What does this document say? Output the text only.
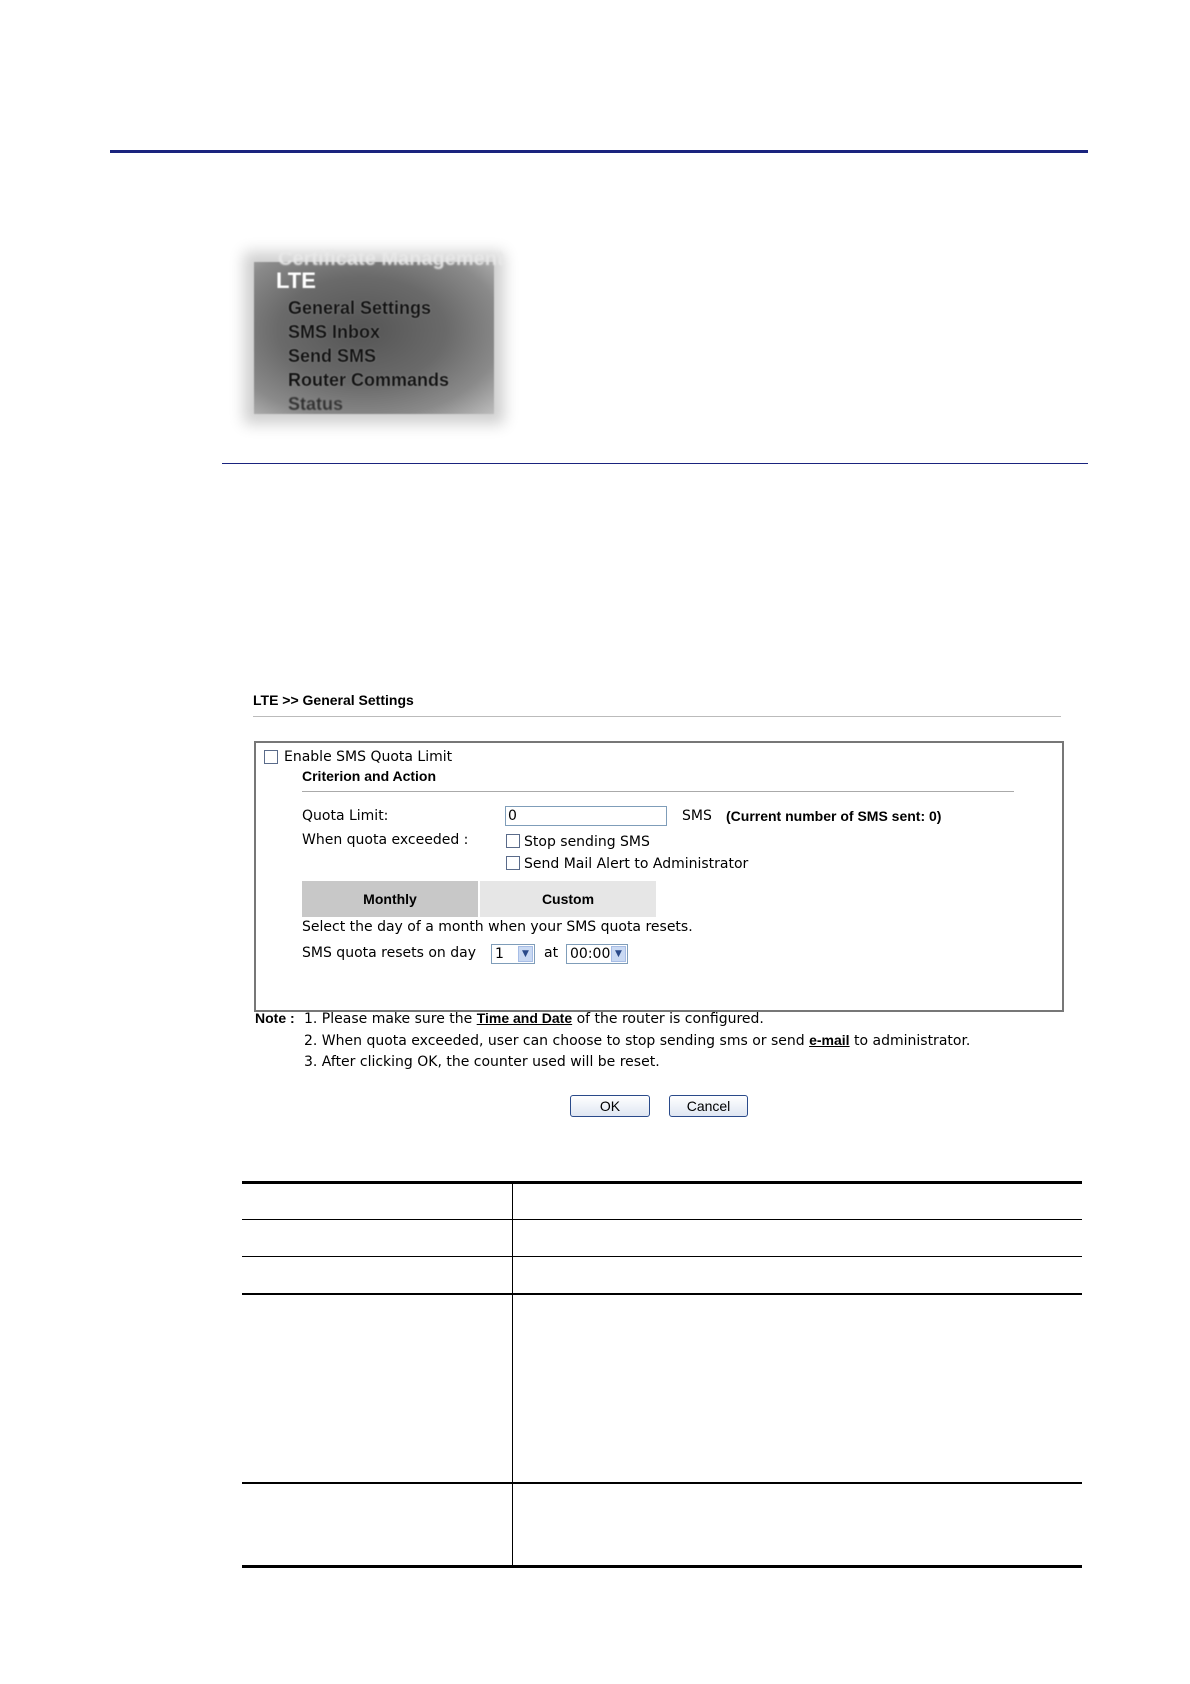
Certificate Management
LTE
General Settings
SMS Inbox
Send SMS
Router Commands
Status
LTE >> General Settings
Enable SMS Quota Limit
Criterion and Action
Quota Limit:
0	SMS (Current number of SMS sent: 0)
When quota exceeded :	Stop sending SMS
Send Mail Alert to Administrator
Monthly	Custom
Select the day of a month when your SMS quota resets.
SMS quota resets on day 1	▼ at 00:00 ▼
Note : 1. Please make sure the Time and Date of the router is configured.
2. When quota exceeded, user can choose to stop sending sms or send e-mail to administrator.
3. After clicking OK, the counter used will be reset.
OK	Cancel
